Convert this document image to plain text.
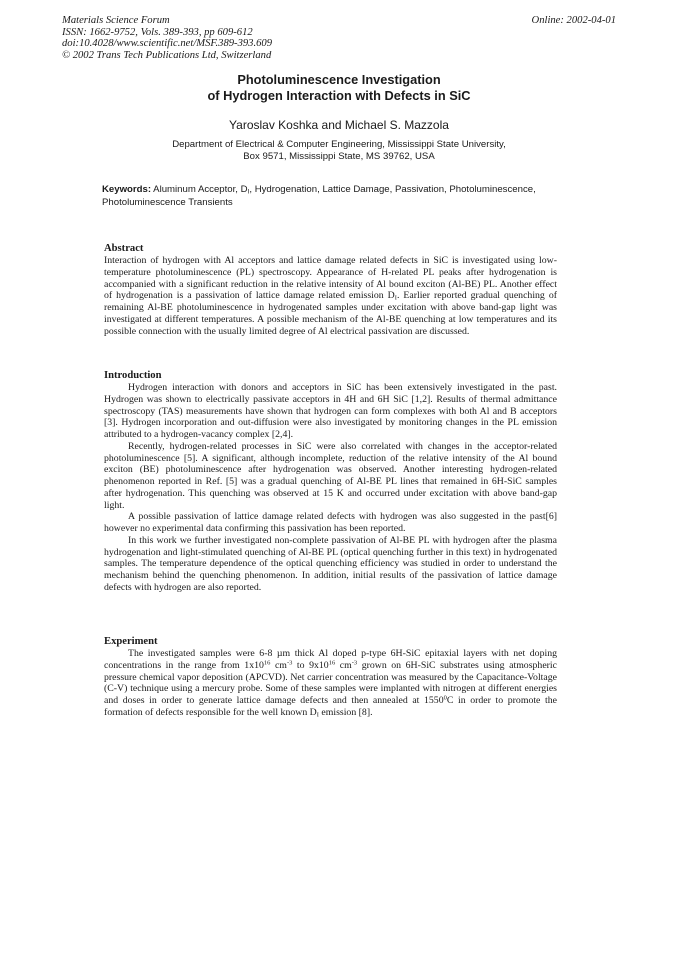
Materials Science Forum
ISSN: 1662-9752, Vols. 389-393, pp 609-612
doi:10.4028/www.scientific.net/MSF.389-393.609
© 2002 Trans Tech Publications Ltd, Switzerland
Online: 2002-04-01
Photoluminescence Investigation
of Hydrogen Interaction with Defects in SiC
Yaroslav Koshka and Michael S. Mazzola
Department of Electrical & Computer Engineering, Mississippi State University,
Box 9571, Mississippi State, MS 39762, USA
Keywords: Aluminum Acceptor, $D_I$, Hydrogenation, Lattice Damage, Passivation, Photoluminescence, Photoluminescence Transients
Abstract

Interaction of hydrogen with Al acceptors and lattice damage related defects in SiC is investigated using low-temperature photoluminescence (PL) spectroscopy. Appearance of H-related PL peaks after hydrogenation is accompanied with a significant reduction in the relative intensity of Al bound exciton (Al-BE) PL. Another effect of hydrogenation is a passivation of lattice damage related emission $D_I$. Earlier reported gradual quenching of remaining Al-BE photoluminescence in hydrogenated samples under excitation with above band-gap light was investigated at different temperatures. A possible mechanism of the Al-BE quenching at low temperatures and its possible connection with the usually limited degree of Al electrical passivation are discussed.

Introduction

Hydrogen interaction with donors and acceptors in SiC has been extensively investigated in the past. Hydrogen was shown to electrically passivate acceptors in 4H and 6H SiC [1,2]. Results of thermal admittance spectroscopy (TAS) measurements have shown that hydrogen can form complexes with both Al and B acceptors [3]. Hydrogen incorporation and out-diffusion were also investigated by monitoring changes in the PL emission attributed to a hydrogen-vacancy complex [2,4].

Recently, hydrogen-related processes in SiC were also correlated with changes in the acceptor-related photoluminescence [5]. A significant, although incomplete, reduction of the relative intensity of the Al bound exciton (BE) photoluminescence after hydrogenation was observed. Another interesting hydrogen-related phenomenon reported in Ref. [5] was a gradual quenching of Al-BE PL lines that remained in 6H-SiC samples after hydrogenation. This quenching was observed at 15 K and occurred under excitation with above band-gap light.

A possible passivation of lattice damage related defects with hydrogen was also suggested in the past[6] however no experimental data confirming this passivation has been reported.

In this work we further investigated non-complete passivation of Al-BE PL with hydrogen after the plasma hydrogenation and light-stimulated quenching of Al-BE PL (optical quenching further in this text) in hydrogenated samples. The temperature dependence of the optical quenching efficiency was studied in order to understand the mechanism behind the quenching phenomenon. In addition, initial results of the passivation of lattice damage defects with hydrogen are also reported.

Experiment

The investigated samples were 6-8 µm thick Al doped p-type 6H-SiC epitaxial layers with net doping concentrations in the range from $1x10^{16}$ $cm^{-3}$ to $9x10^{16}$ $cm^{-3}$ grown on 6H-SiC substrates using atmospheric pressure chemical vapor deposition (APCVD). Net carrier concentration was measured by the Capacitance-Voltage (C-V) technique using a mercury probe. Some of these samples were implanted with nitrogen at different energies and doses in order to generate lattice damage defects and then annealed at 1550$^0$C in order to promote the formation of defects responsible for the well known $D_I$ emission [8].
